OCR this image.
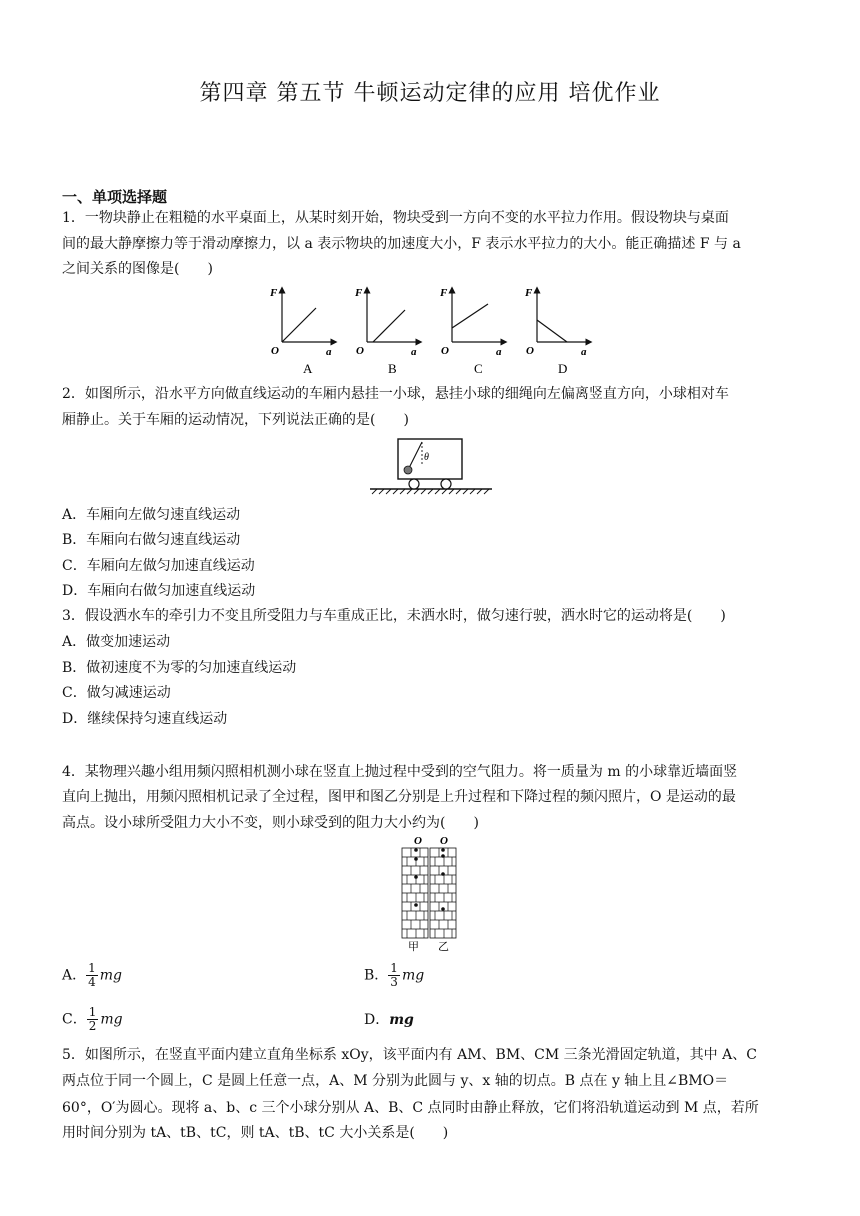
第四章 第五节 牛顿运动定律的应用 培优作业
一、单项选择题
1．一物块静止在粗糙的水平桌面上，从某时刻开始，物块受到一方向不变的水平拉力作用。假设物块与桌面
间的最大静摩擦力等于滑动摩擦力，以 a 表示物块的加速度大小，F 表示水平拉力的大小。能正确描述 F 与 a
之间关系的图像是(　　)
F
a
O
A
F
a
O
B
F
a
O
C
F
a
O
D
2．如图所示，沿水平方向做直线运动的车厢内悬挂一小球，悬挂小球的细绳向左偏离竖直方向，小球相对车
厢静止。关于车厢的运动情况，下列说法正确的是(　　)
θ
A．车厢向左做匀速直线运动
B．车厢向右做匀速直线运动
C．车厢向左做匀加速直线运动
D．车厢向右做匀加速直线运动
3．假设洒水车的牵引力不变且所受阻力与车重成正比，未洒水时，做匀速行驶，洒水时它的运动将是(　　)
A．做变加速运动
B．做初速度不为零的匀加速直线运动
C．做匀减速运动
D．继续保持匀速直线运动
4．某物理兴趣小组用频闪照相机测小球在竖直上抛过程中受到的空气阻力。将一质量为 m 的小球靠近墙面竖
直向上抛出，用频闪照相机记录了全过程，图甲和图乙分别是上升过程和下降过程的频闪照片，O 是运动的最
高点。设小球所受阻力大小不变，则小球受到的阻力大小约为(　　)
O O
甲 乙
A． $\frac{1}{4}$ mg	B． $\frac{1}{3}$ mg
C． $\frac{1}{2}$ mg	D．mg
5．如图所示，在竖直平面内建立直角坐标系 xOy，该平面内有 AM、BM、CM 三条光滑固定轨道，其中 A、C
两点位于同一个圆上，C 是圆上任意一点，A、M 分别为此圆与 y、x 轴的切点。B 点在 y 轴上且∠BMO＝
60°，O′为圆心。现将 a、b、c 三个小球分别从 A、B、C 点同时由静止释放，它们将沿轨道运动到 M 点，若所
用时间分别为 tA、tB、tC，则 tA、tB、tC 大小关系是(　　)
